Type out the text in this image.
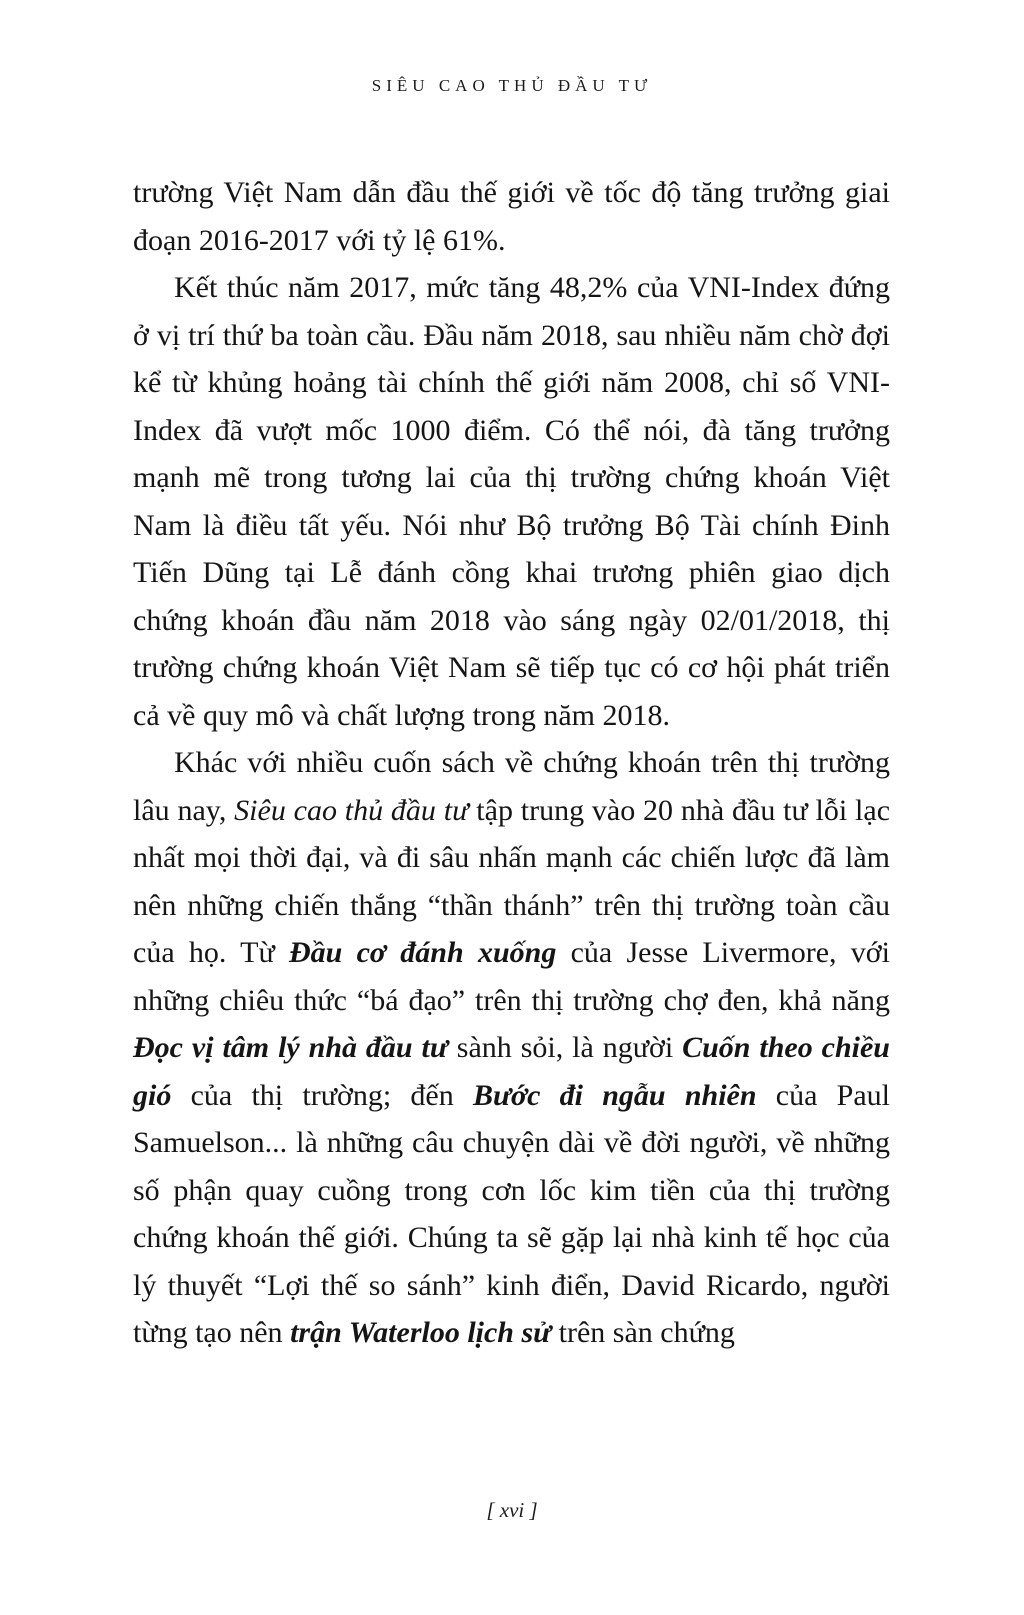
SIÊU CAO THỦ ĐẦU TƯ

trường Việt Nam dẫn đầu thế giới về tốc độ tăng trưởng giai đoạn 2016-2017 với tỷ lệ 61%.

Kết thúc năm 2017, mức tăng 48,2% của VNI-Index đứng ở vị trí thứ ba toàn cầu. Đầu năm 2018, sau nhiều năm chờ đợi kể từ khủng hoảng tài chính thế giới năm 2008, chỉ số VNI-Index đã vượt mốc 1000 điểm. Có thể nói, đà tăng trưởng mạnh mẽ trong tương lai của thị trường chứng khoán Việt Nam là điều tất yếu. Nói như Bộ trưởng Bộ Tài chính Đinh Tiến Dũng tại Lễ đánh cồng khai trương phiên giao dịch chứng khoán đầu năm 2018 vào sáng ngày 02/01/2018, thị trường chứng khoán Việt Nam sẽ tiếp tục có cơ hội phát triển cả về quy mô và chất lượng trong năm 2018.

Khác với nhiều cuốn sách về chứng khoán trên thị trường lâu nay, Siêu cao thủ đầu tư tập trung vào 20 nhà đầu tư lỗi lạc nhất mọi thời đại, và đi sâu nhấn mạnh các chiến lược đã làm nên những chiến thắng “thần thánh” trên thị trường toàn cầu của họ. Từ Đầu cơ đánh xuống của Jesse Livermore, với những chiêu thức “bá đạo” trên thị trường chợ đen, khả năng Đọc vị tâm lý nhà đầu tư sành sỏi, là người Cuốn theo chiều gió của thị trường; đến Bước đi ngẫu nhiên của Paul Samuelson... là những câu chuyện dài về đời người, về những số phận quay cuồng trong cơn lốc kim tiền của thị trường chứng khoán thế giới. Chúng ta sẽ gặp lại nhà kinh tế học của lý thuyết “Lợi thế so sánh” kinh điển, David Ricardo, người từng tạo nên trận Waterloo lịch sử trên sàn chứng

[ xvi ]
